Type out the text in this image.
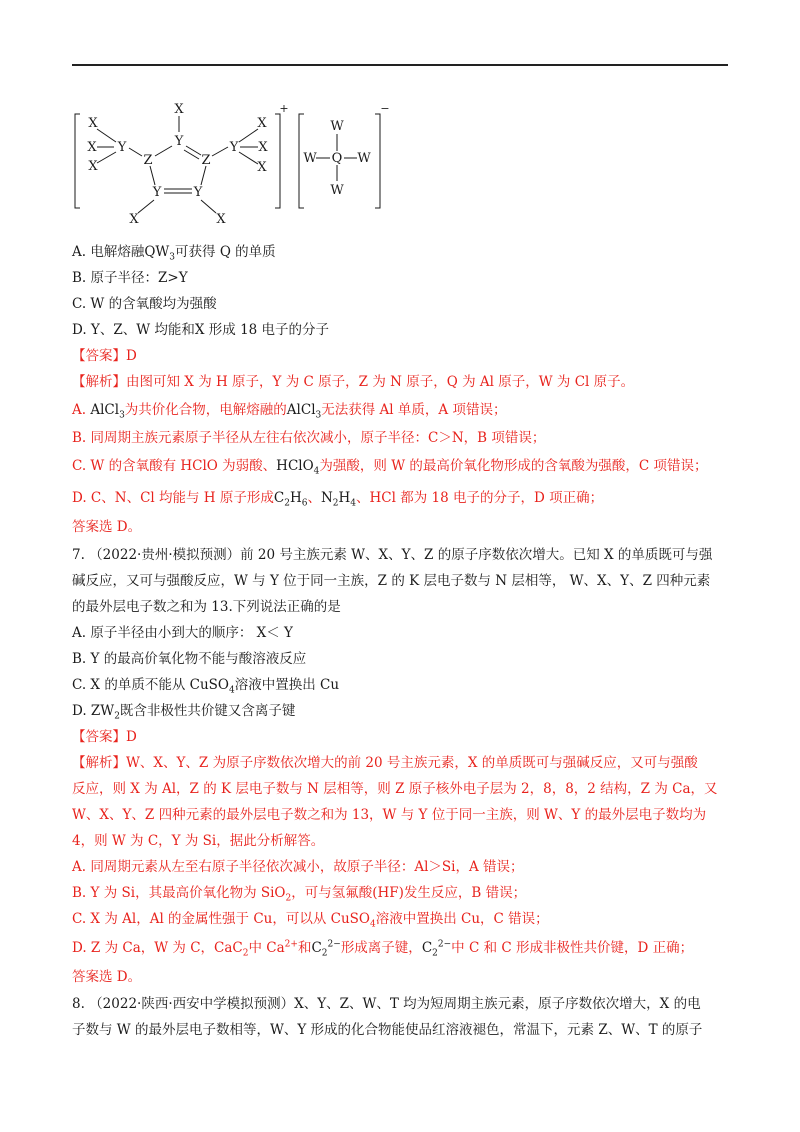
X
X
X
Y
X
Y
Z	Z
Y Y
X	X
Y
X
X
X
+
W
W Q W
W
−
A. 电解熔融$QW_3$可获得 Q 的单质
B. 原子半径：Z>Y
C. W 的含氧酸均为强酸
D. Y、Z、W 均能和X 形成 18 电子的分子
【答案】D
【解析】由图可知 X 为 H 原子，Y 为 C 原子，Z 为 N 原子，Q 为 Al 原子，W 为 Cl 原子。
A. AlCl$_3$为共价化合物，电解熔融的AlCl$_3$无法获得 Al 单质，A 项错误；
B. 同周期主族元素原子半径从左往右依次减小，原子半径：C＞N，B 项错误；
C. W 的含氧酸有 HClO 为弱酸、HClO$_4$为强酸，则 W 的最高价氧化物形成的含氧酸为强酸，C 项错误；
D. C、N、Cl 均能与 H 原子形成$C_2H_6$、$N_2H_4$、HCl 都为 18 电子的分子，D 项正确；
答案选 D。
7. （2022·贵州·模拟预测）前 20 号主族元素 W、X、Y、Z 的原子序数依次增大。已知 X 的单质既可与强
碱反应，又可与强酸反应，W 与 Y 位于同一主族，Z 的 K 层电子数与 N 层相等， W、X、Y、Z 四种元素
的最外层电子数之和为 13.下列说法正确的是
A. 原子半径由小到大的顺序： X＜ Y
B. Y 的最高价氧化物不能与酸溶液反应
C. X 的单质不能从 CuSO$_4$溶液中置换出 Cu
D. $ZW_2$既含非极性共价键又含离子键
【答案】D
【解析】W、X、Y、Z 为原子序数依次增大的前 20 号主族元素，X 的单质既可与强碱反应，又可与强酸
反应，则 X 为 Al，Z 的 K 层电子数与 N 层相等，则 Z 原子核外电子层为 2，8，8，2 结构，Z 为 Ca，又
W、X、Y、Z 四种元素的最外层电子数之和为 13，W 与 Y 位于同一主族，则 W、Y 的最外层电子数均为
4，则 W 为 C，Y 为 Si，据此分析解答。
A. 同周期元素从左至右原子半径依次减小，故原子半径：Al＞Si，A 错误；
B. Y 为 Si，其最高价氧化物为 SiO$_2$，可与氢氟酸(HF)发生反应，B 错误；
C. X 为 Al，Al 的金属性强于 Cu，可以从 CuSO$_4$溶液中置换出 Cu，C 错误；
D. Z 为 Ca，W 为 C，CaC$_2$中 $Ca^{2+}$和$C_2^{2-}$形成离子键，$C_2^{2-}$中 C 和 C 形成非极性共价键，D 正确；
答案选 D。
8. （2022·陕西·西安中学模拟预测）X、Y、Z、W、T 均为短周期主族元素，原子序数依次增大，X 的电
子数与 W 的最外层电子数相等，W、Y 形成的化合物能使品红溶液褪色，常温下，元素 Z、W、T 的原子
